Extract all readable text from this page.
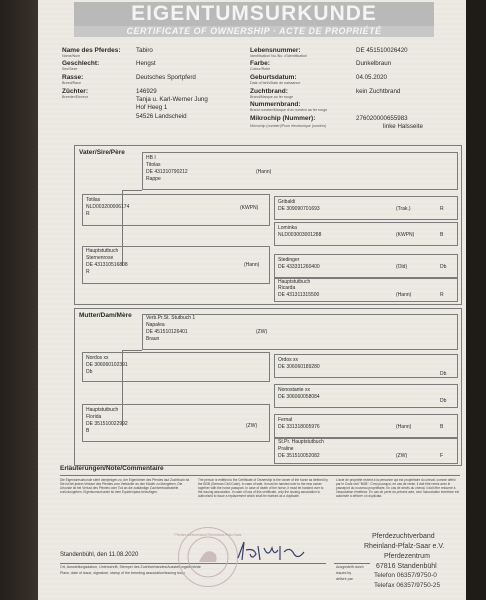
EIGENTUMSURKUNDE
CERTIFICATE OF OWNERSHIP · ACTE DE PROPRIÉTÉ
Name des Pferdes:
Name/Nom
Tabiro
Geschlecht:
Sex/Sexe
Hengst
Rasse:
Breed/Race
Deutsches Sportpferd
Züchter:
Breeder/Eleveur
146929
Tanja u. Karl-Werner Jung
Hof Heeg 1
54526 Landscheid
Lebensnummer:
Identification No./No. d'identification
DE 451510026420
Farbe:
Colour/Robe
Dunkelbraun
Geburtsdatum:
Date of birth/Date de naissance
04.05.2020
Zuchtbrand:
Brand/Marque au fer rouge
kein Zuchtbrand
Nummernbrand:
Brand number/Marque d'un numéro au fer rouge
Mikrochip (Nummer):	276020000655983
Microchip (number)/Puce électronique (numéro)	linke Halsseite
Vater/Sire/Père
HB I
Titolas
DE 431310790212
Rappe
(Hann)
Totilas
NLD003200006174
R
(KWPN)
Gribaldi
DE 309090701693	(Trak.)	R
Lominka
NLD003003001288	(KWPN)	B
Hauptstutbuch
Sternenrose
DE 431310516808
R
(Hann)
Stedinger
DE 433331260400	(Old)	Db
Hauptstutbuch
Ricarda
DE 431311315500	(Hann)	R
Mutter/Dam/Mère	Verb.Pr.St. Stutbuch 1
Napalea
DE 451510126401
Braun
(ZW)
Nordos xx
DE 306060102391
Db
Ordos xx
DE 306060189280
Db
Nonostante xx
DE 306060058084
Db
Hauptstutbuch
Florida
DE 351510022992
B
(ZW)
Fernal
DE 331318005976	(Hann)	B
St.Pr. Hauptstutbuch
Praline
DE 351510052082	(ZW)	F
Erläuterungen/Note/Commentaire
Die Eigentumsurkunde steht demjenigen zu, der Eigentümer des Pferdes laut Zuchtbuch ist. Sie ist bei jedem Verkauf des Pferdes vom Verkäufer an den Käufer zu übergeben. Die Urkunde ist bei Verlust des Pferdes oder Tod an die zuständige Zuchtverbandsstelle zurückzugeben. Eigentumsurkunde ist dem Equidenpass beizufügen.
The person is entitled to the Certificate of Ownership is the owner of the horse as defined by the BGB (German Civil Code). In case of sale, it must be handed over to the new owner together with the horse passport. In case of death of the horse, it must be handed over to the issuing association. In case of loss of this certificate, only the issuing association is authorised to issue a replacement which shall be marked as a duplicate.
L'acte de propriété revient à la personne qui est propriétaire du cheval, comme défini par le Code civil "BGB". C'est pourquoi, en cas de vente, il doit être remis avec le passeport du nouveau propriétaire. En cas de décès du cheval, il doit être retourné à l'association émettrice. En cas de perte du présent acte, seul l'association émettrice est autorisée à délivrer un duplicata.
Standenbühl, den 11.08.2020
Ort, Ausstellungsdatum, Unterschrift, Stempel des Zuchtverbandes/Ausstellungsbehörde
Place, date of issue, signature, stamp of the breeding association/issuing body
Pferdezuchtverband Rheinland-Pfalz-Saar
Ausgestellt durch
issued by
délivré par
Pferdezuchtverband
Rheinland-Pfalz-Saar e.V.
Pferdezentrum
67816 Standenbühl
Telefon 06357/9750-0
Telefax 06357/9750-25
